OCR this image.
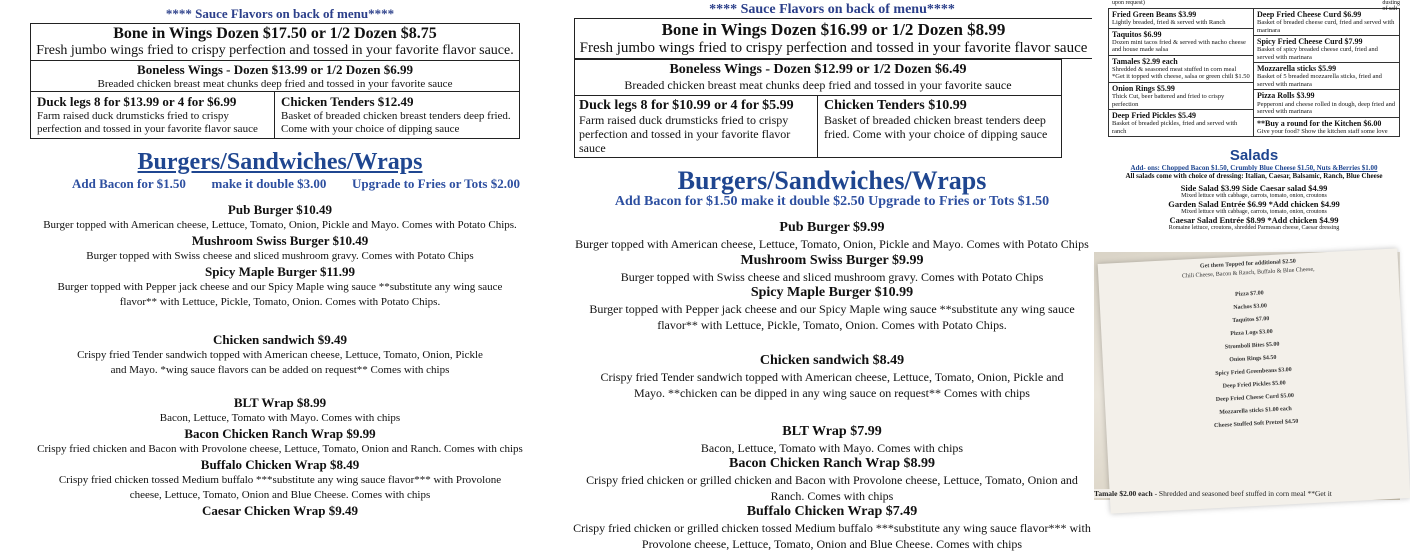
**** Sauce Flavors on back of menu****
Bone in Wings Dozen $17.50 or 1/2 Dozen $8.75
Fresh jumbo wings fried to crispy perfection and tossed in your favorite flavor sauce.
Boneless Wings - Dozen $13.99 or 1/2 Dozen $6.99
Breaded chicken breast meat chunks deep fried and tossed in your favorite sauce
Duck legs 8 for $13.99 or 4 for $6.99
Farm raised duck drumsticks fried to crispy perfection and tossed in your favorite flavor sauce
Chicken Tenders $12.49
Basket of breaded chicken breast tenders deep fried. Come with your choice of dipping sauce
Burgers/Sandwiches/Wraps
Add Bacon for $1.50 make it double $3.00 Upgrade to Fries or Tots $2.00
Pub Burger $10.49
Burger topped with American cheese, Lettuce, Tomato, Onion, Pickle and Mayo. Comes with Potato Chips.
Mushroom Swiss Burger $10.49
Burger topped with Swiss cheese and sliced mushroom gravy. Comes with Potato Chips
Spicy Maple Burger $11.99
Burger topped with Pepper jack cheese and our Spicy Maple wing sauce **substitute any wing sauce flavor** with Lettuce, Pickle, Tomato, Onion. Comes with Potato Chips.
Chicken sandwich $9.49
Crispy fried Tender sandwich topped with American cheese, Lettuce, Tomato, Onion, Pickle and Mayo. *wing sauce flavors can be added on request** Comes with chips
BLT Wrap $8.99
Bacon, Lettuce, Tomato with Mayo. Comes with chips
Bacon Chicken Ranch Wrap $9.99
Crispy fried chicken and Bacon with Provolone cheese, Lettuce, Tomato, Onion and Ranch. Comes with chips
Buffalo Chicken Wrap $8.49
Crispy fried chicken tossed Medium buffalo ***substitute any wing sauce flavor*** with Provolone cheese, Lettuce, Tomato, Onion and Blue Cheese. Comes with chips
Caesar Chicken Wrap $9.49
**** Sauce Flavors on back of menu****
Bone in Wings Dozen $16.99 or 1/2 Dozen $8.99
Fresh jumbo wings fried to crispy perfection and tossed in your favorite flavor sauce
Boneless Wings - Dozen $12.99 or 1/2 Dozen $6.49
Breaded chicken breast meat chunks deep fried and tossed in your favorite sauce
Duck legs 8 for $10.99 or 4 for $5.99
Farm raised duck drumsticks fried to crispy perfection and tossed in your favorite flavor sauce
Chicken Tenders $10.99
Basket of breaded chicken breast tenders deep fried. Come with your choice of dipping sauce
Burgers/Sandwiches/Wraps
Add Bacon for $1.50 make it double $2.50 Upgrade to Fries or Tots $1.50
Pub Burger $9.99
Burger topped with American cheese, Lettuce, Tomato, Onion, Pickle and Mayo. Comes with Potato Chips
Mushroom Swiss Burger $9.99
Burger topped with Swiss cheese and sliced mushroom gravy. Comes with Potato Chips
Spicy Maple Burger $10.99
Burger topped with Pepper jack cheese and our Spicy Maple wing sauce **substitute any wing sauce flavor** with Lettuce, Pickle, Tomato, Onion. Comes with Potato Chips.
Chicken sandwich $8.49
Crispy fried Tender sandwich topped with American cheese, Lettuce, Tomato, Onion, Pickle and Mayo. **chicken can be dipped in any wing sauce on request** Comes with chips
BLT Wrap $7.99
Bacon, Lettuce, Tomato with Mayo. Comes with chips
Bacon Chicken Ranch Wrap $8.99
Crispy fried chicken or grilled chicken and Bacon with Provolone cheese, Lettuce, Tomato, Onion and Ranch. Comes with chips
Buffalo Chicken Wrap $7.49
Crispy fried chicken or grilled chicken tossed Medium buffalo ***substitute any wing sauce flavor*** with Provolone cheese, Lettuce, Tomato, Onion and Blue Cheese. Comes with chips
upon request)	dusting of salt
Fried Green Beans $3.99
Lightly breaded, fried & served with Ranch
Taquitos $6.99
Dozen mini tacos fried & served with nacho cheese and house made salsa
Tamales $2.99 each
Shredded & seasoned meat stuffed in corn meal *Get it topped with cheese, salsa or green chili $1.50
Onion Rings $5.99
Thick Cut, beer battered and fried to crispy perfection
Deep Fried Pickles $5.49
Basket of breaded pickles, fried and served with ranch
Deep Fried Cheese Curd $6.99
Basket of breaded cheese curd, fried and served with marinara
Spicy Fried Cheese Curd $7.99
Basket of spicy breaded cheese curd, fried and served with marinara
Mozzarella sticks $5.99
Basket of 5 breaded mozzarella sticks, fried and served with marinara
Pizza Rolls $3.99
Pepperoni and cheese rolled in dough, deep fried and served with marinara
**Buy a round for the Kitchen $6.00
Give your food? Show the kitchen staff some love
Salads
Add- ons: Chopped Bacon $1.50, Crumbly Blue Cheese $1.50, Nuts &Berries $1.00
All salads come with choice of dressing: Italian, Caesar, Balsamic, Ranch, Blue Cheese
Side Salad $3.99 Side Caesar salad $4.99
Mixed lettuce with cabbage, carrots, tomato, onion, croutons
Garden Salad Entrée $6.99 *Add chicken $4.99
Mixed lettuce with cabbage, carrots, tomato, onion, croutons
Caesar Salad Entrée $8.99 *Add chicken $4.99
Romaine lettuce, croutons, shredded Parmesan cheese, Caesar dressing
Get them Topped for additional $2.50
Chili Cheese, Bacon & Ranch, Buffalo & Blue Cheese,
Pizza $7.00
Nachos $3.00
Taquitos $7.00
Pizza Logs $3.00
Stromboli Bites $5.00
Onion Rings $4.50
Spicy Fried Greenbeans $3.00
Deep Fried Pickles $5.00
Deep Fried Cheese Curd $5.00
Mozzarella sticks $1.00 each
Cheese Stuffed Soft Pretzel $4.50
Tamale $2.00 each - Shredded and seasoned beef stuffed in corn meal **Get it
